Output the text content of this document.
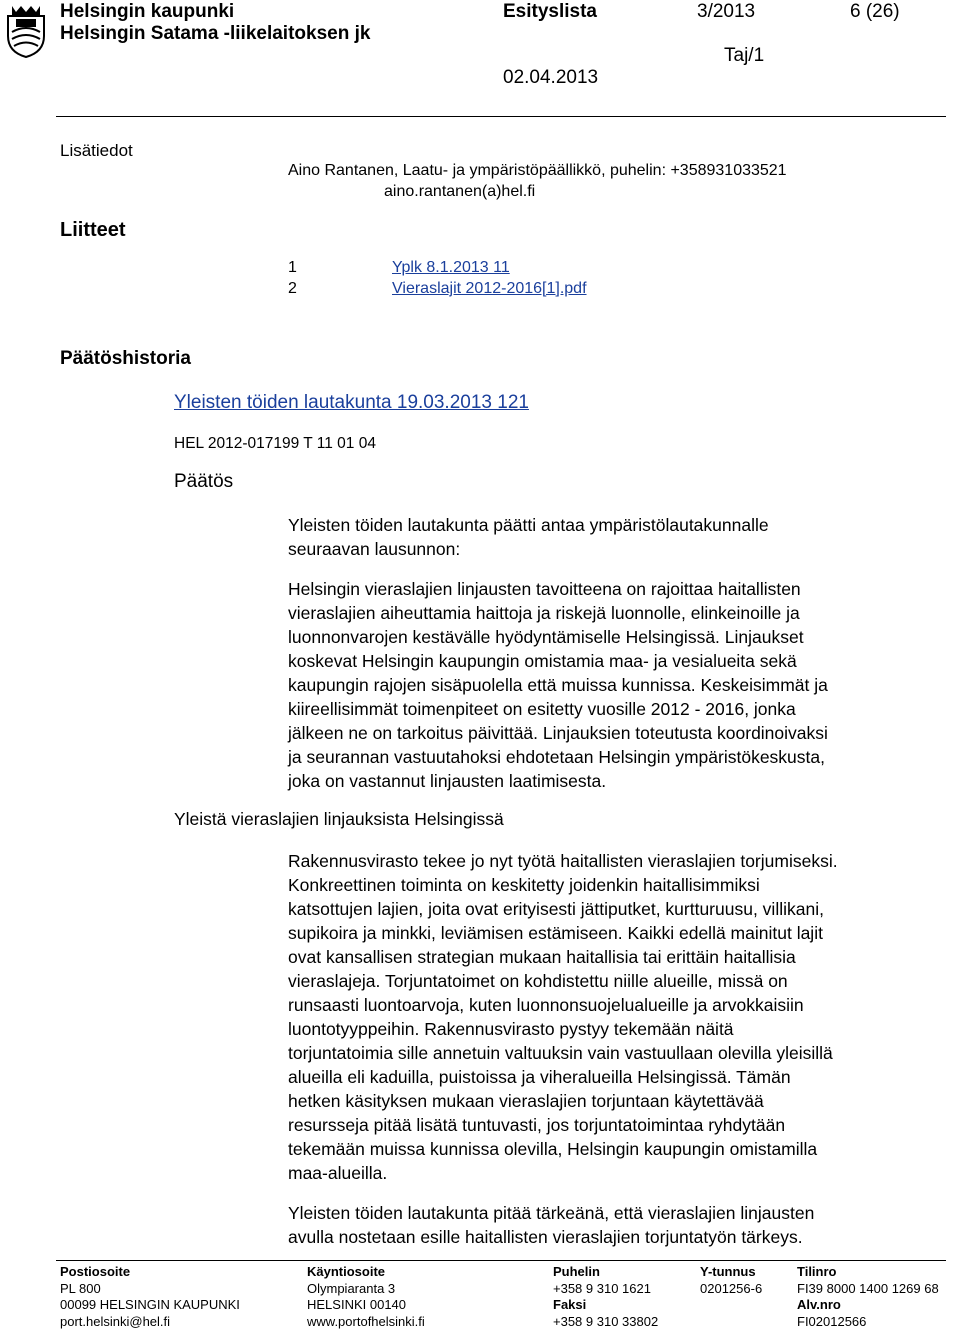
Helsingin kaupunki
Helsingin Satama -liikelaitoksen jk
Esityslista	3/2013	6 (26)
Taj/1
02.04.2013
Lisätiedot
Aino Rantanen, Laatu- ja ympäristöpäällikkö, puhelin: +358931033521
aino.rantanen(a)hel.fi
Liitteet
1	Yplk 8.1.2013 11
2	Vieraslajit 2012-2016[1].pdf
Päätöshistoria
Yleisten töiden lautakunta 19.03.2013 121
HEL 2012-017199 T 11 01 04
Päätös

Yleisten töiden lautakunta päätti antaa ympäristölautakunnalle
seuraavan lausunnon:

Helsingin vieraslajien linjausten tavoitteena on rajoittaa haitallisten
vieraslajien aiheuttamia haittoja ja riskejä luonnolle, elinkeinoille ja
luonnonvarojen kestävälle hyödyntämiselle Helsingissä. Linjaukset
koskevat Helsingin kaupungin omistamia maa- ja vesialueita sekä
kaupungin rajojen sisäpuolella että muissa kunnissa. Keskeisimmät ja
kiireellisimmät toimenpiteet on esitetty vuosille 2012 - 2016, jonka
jälkeen ne on tarkoitus päivittää. Linjauksien toteutusta koordinoivaksi
ja seurannan vastuutahoksi ehdotetaan Helsingin ympäristökeskusta,
joka on vastannut linjausten laatimisesta.

Yleistä vieraslajien linjauksista Helsingissä

Rakennusvirasto tekee jo nyt työtä haitallisten vieraslajien torjumiseksi.
Konkreettinen toiminta on keskitetty joidenkin haitallisimmiksi
katsottujen lajien, joita ovat erityisesti jättiputket, kurtturuusu, villikani,
supikoira ja minkki, leviämisen estämiseen. Kaikki edellä mainitut lajit
ovat kansallisen strategian mukaan haitallisia tai erittäin haitallisia
vieraslajeja. Torjuntatoimet on kohdistettu niille alueille, missä on
runsaasti luontoarvoja, kuten luonnonsuojelualueille ja arvokkaisiin
luontotyyppeihin. Rakennusvirasto pystyy tekemään näitä
torjuntatoimia sille annetuin valtuuksin vain vastuullaan olevilla yleisillä
alueilla eli kaduilla, puistoissa ja viheralueilla Helsingissä. Tämän
hetken käsityksen mukaan vieraslajien torjuntaan käytettävää
resursseja pitää lisätä tuntuvasti, jos torjuntatoimintaa ryhdytään
tekemään muissa kunnissa olevilla, Helsingin kaupungin omistamilla
maa-alueilla.

Yleisten töiden lautakunta pitää tärkeänä, että vieraslajien linjausten
avulla nostetaan esille haitallisten vieraslajien torjuntatyön tärkeys.

Postiosoite
PL 800
00099 HELSINGIN KAUPUNKI
port.helsinki@hel.fi
Käyntiosoite
Olympiaranta 3
HELSINKI 00140
www.portofhelsinki.fi
Puhelin
+358 9 310 1621
Faksi
+358 9 310 33802
Y-tunnus
0201256-6
Tilinro
FI39 8000 1400 1269 68
Alv.nro
FI02012566
